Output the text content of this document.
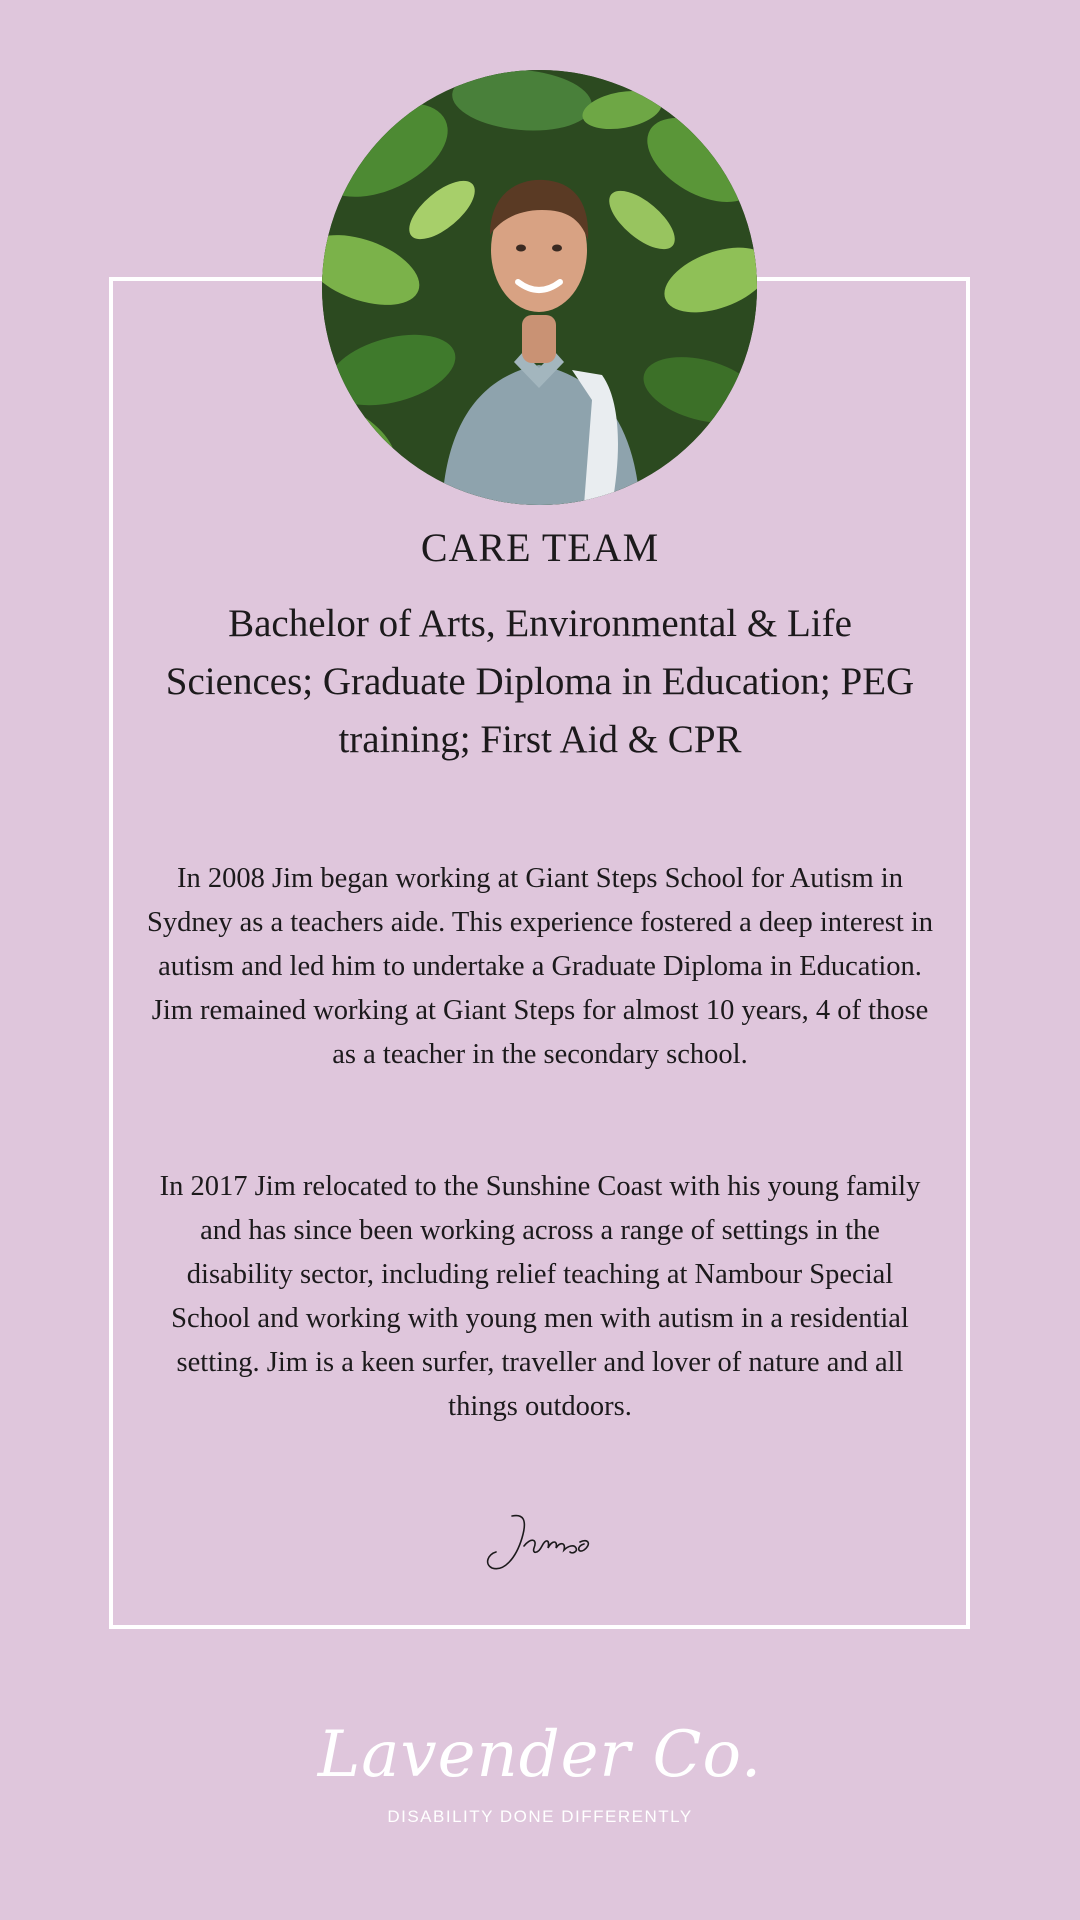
CARE TEAM
Bachelor of Arts, Environmental & Life Sciences; Graduate Diploma in Education; PEG training; First Aid & CPR

In 2008 Jim began working at Giant Steps School for Autism in Sydney as a teachers aide. This experience fostered a deep interest in autism and led him to undertake a Graduate Diploma in Education. Jim remained working at Giant Steps for almost 10 years, 4 of those as a teacher in the secondary school.

In 2017 Jim relocated to the Sunshine Coast with his young family and has since been working across a range of settings in the disability sector, including relief teaching at Nambour Special School and working with young men with autism in a residential setting. Jim is a keen surfer, traveller and lover of nature and all things outdoors.

Lavender Co.
DISABILITY DONE DIFFERENTLY
